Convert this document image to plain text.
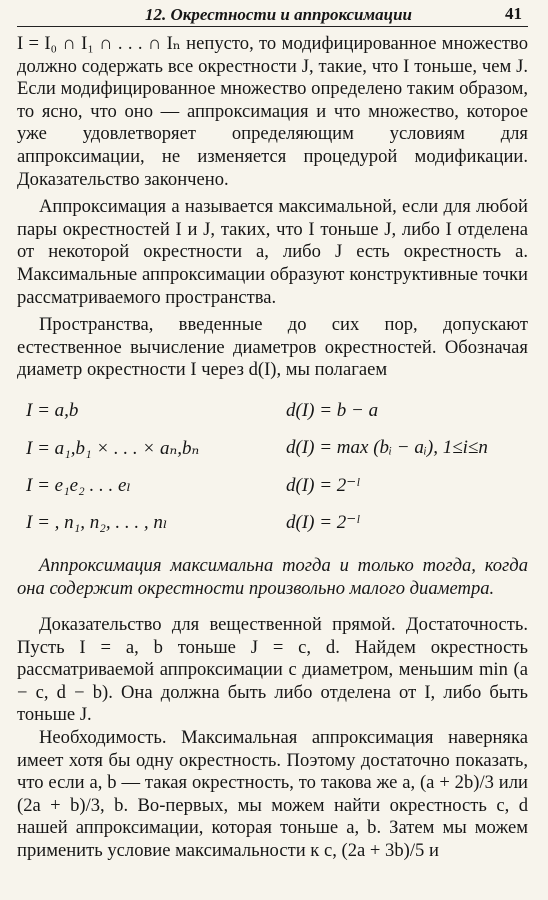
12. Окрестности и аппроксимации	41

I = I₀ ∩ I₁ ∩ . . . ∩ Iₙ непусто, то модифицированное множество должно содержать все окрестности J, такие, что I тоньше, чем J. Если модифицированное множество определено таким образом, то ясно, что оно — аппроксимация и что множество, которое уже удовлетворяет определяющим условиям для аппроксимации, не изменяется процедурой модификации. Доказательство закончено.

Аппроксимация a называется максимальной, если для любой пары окрестностей I и J, таких, что I тоньше J, либо I отделена от некоторой окрестности a, либо J есть окрестность a. Максимальные аппроксимации образуют конструктивные точки рассматриваемого пространства.

Пространства, введенные до сих пор, допускают естественное вычисление диаметров окрестностей. Обозначая диаметр окрестности I через d(I), мы полагаем

I = a,b	d(I) = b − a
I = a₁,b₁ × . . . × aₙ,bₙ	d(I) = max (bᵢ − aᵢ), 1≤i≤n
I = e₁e₂ . . . eₗ	d(I) = 2⁻ˡ
I = , n₁, n₂, . . . , nₗ	d(I) = 2⁻ˡ

Аппроксимация максимальна тогда и только тогда, когда она содержит окрестности произвольно малого диаметра.

Доказательство для вещественной прямой. Достаточность. Пусть I = a, b тоньше J = c, d. Найдем окрестность рассматриваемой аппроксимации с диаметром, меньшим min (a − c, d − b). Она должна быть либо отделена от I, либо быть тоньше J.

Необходимость. Максимальная аппроксимация наверняка имеет хотя бы одну окрестность. Поэтому достаточно показать, что если a, b — такая окрестность, то такова же a, (a + 2b)/3 или (2a + b)/3, b. Во-первых, мы можем найти окрестность c, d нашей аппроксимации, которая тоньше a, b. Затем мы можем применить условие максимальности к c, (2a + 3b)/5 и
